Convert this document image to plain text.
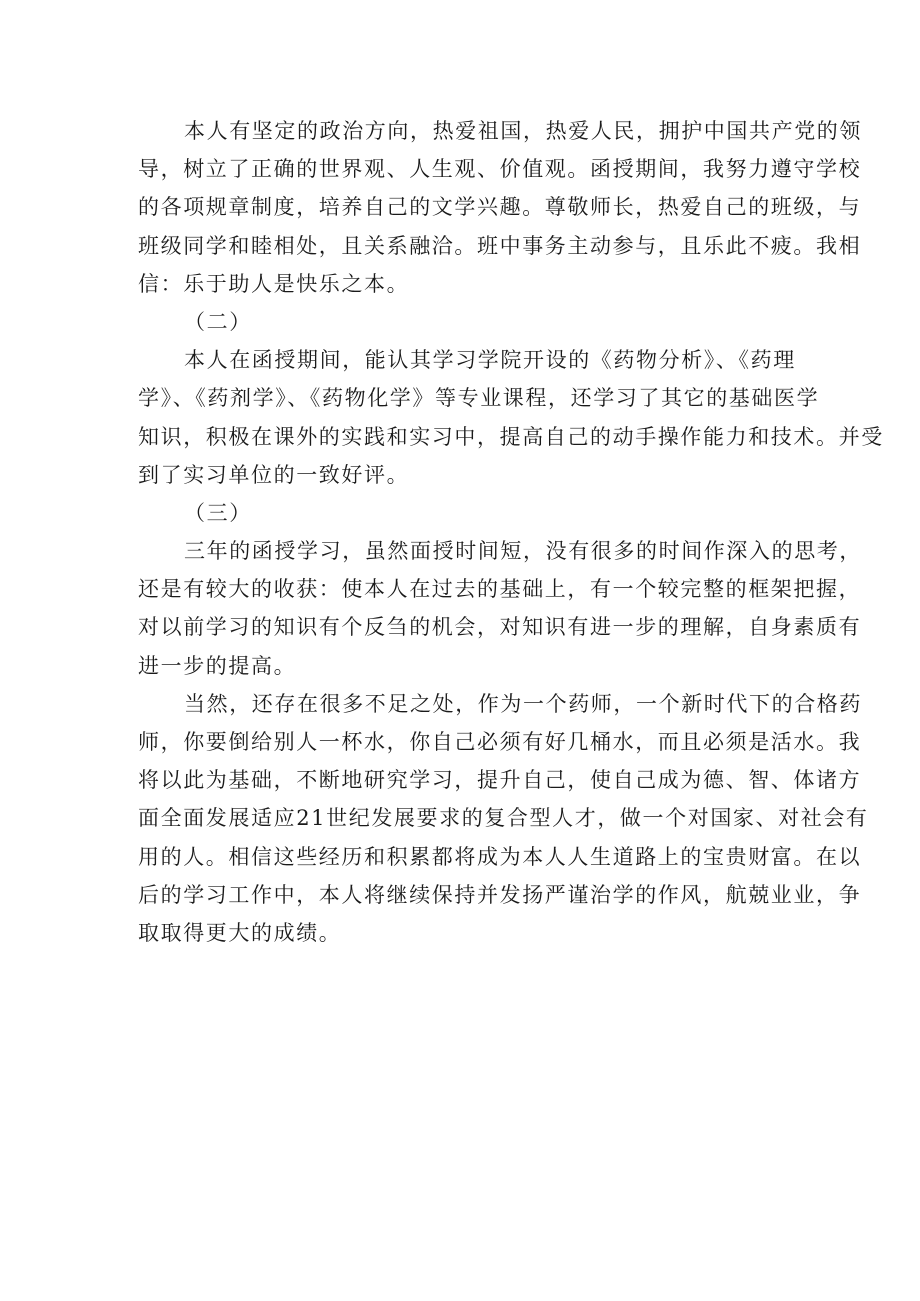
本人有坚定的政治方向，热爱祖国，热爱人民，拥护中国共产党的领
导，树立了正确的世界观、人生观、价值观。函授期间，我努力遵守学校
的各项规章制度，培养自己的文学兴趣。尊敬师长，热爱自己的班级，与
班级同学和睦相处，且关系融洽。班中事务主动参与，且乐此不疲。我相
信：乐于助人是快乐之本。
（二）
本人在函授期间，能认其学习学院开设的《药物分析》、《药理
学》、《药剂学》、《药物化学》等专业课程，还学习了其它的基础医学
知识，积极在课外的实践和实习中，提高自己的动手操作能力和技术。并受
到了实习单位的一致好评。
（三）
三年的函授学习，虽然面授时间短，没有很多的时间作深入的思考，
还是有较大的收获：使本人在过去的基础上，有一个较完整的框架把握，
对以前学习的知识有个反刍的机会，对知识有进一步的理解，自身素质有
进一步的提高。
当然，还存在很多不足之处，作为一个药师，一个新时代下的合格药
师，你要倒给别人一杯水，你自己必须有好几桶水，而且必须是活水。我
将以此为基础，不断地研究学习，提升自己，使自己成为德、智、体诸方
面全面发展适应21世纪发展要求的复合型人才，做一个对国家、对社会有
用的人。相信这些经历和积累都将成为本人人生道路上的宝贵财富。在以
后的学习工作中，本人将继续保持并发扬严谨治学的作风，航兢业业，争
取取得更大的成绩。
